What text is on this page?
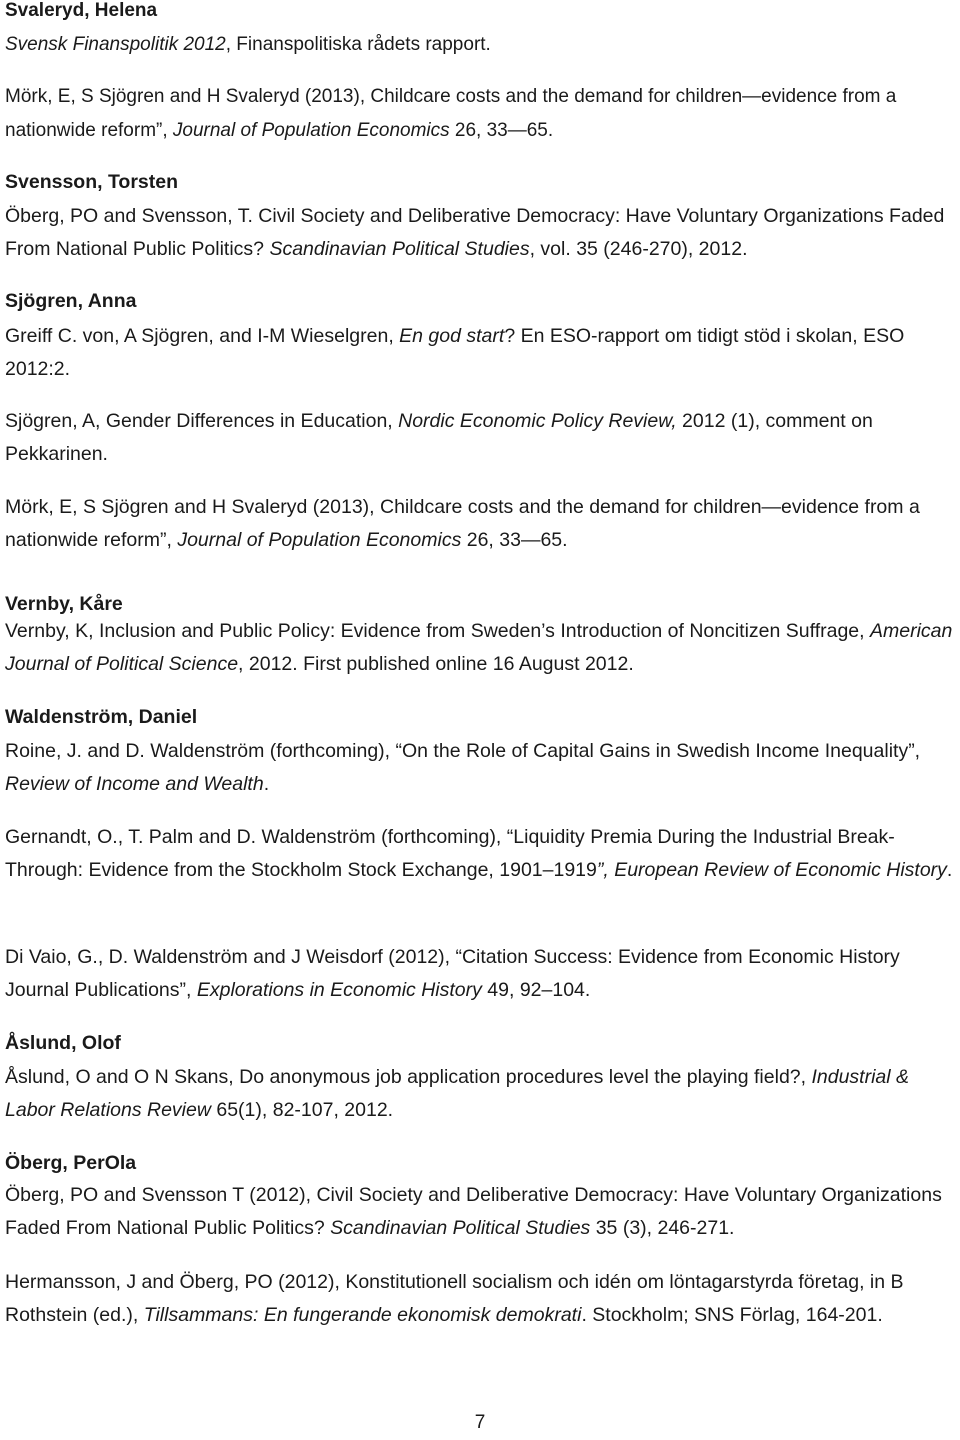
Svaleryd, Helena
Svensk Finanspolitik 2012, Finanspolitiska rådets rapport.
Mörk, E, S Sjögren and H Svaleryd (2013), Childcare costs and the demand for children—evidence from a nationwide reform”, Journal of Population Economics 26, 33—65.
Svensson, Torsten
Öberg, PO and Svensson, T. Civil Society and Deliberative Democracy: Have Voluntary Organizations Faded From National Public Politics? Scandinavian Political Studies, vol. 35 (246-270), 2012.
Sjögren, Anna
Greiff C. von, A Sjögren, and I-M Wieselgren, En god start? En ESO-rapport om tidigt stöd i skolan, ESO 2012:2.
Sjögren, A, Gender Differences in Education, Nordic Economic Policy Review, 2012 (1), comment on Pekkarinen.
Mörk, E, S Sjögren and H Svaleryd (2013), Childcare costs and the demand for children—evidence from a nationwide reform”, Journal of Population Economics 26, 33—65.
Vernby, Kåre
Vernby, K, Inclusion and Public Policy: Evidence from Sweden’s Introduction of Noncitizen Suffrage, American Journal of Political Science, 2012. First published online 16 August 2012.
Waldenström, Daniel
Roine, J. and D. Waldenström (forthcoming), “On the Role of Capital Gains in Swedish Income Inequality”, Review of Income and Wealth.
Gernandt, O., T. Palm and D. Waldenström (forthcoming), “Liquidity Premia During the Industrial Break-Through: Evidence from the Stockholm Stock Exchange, 1901–1919”, European Review of Economic History.
Di Vaio, G., D. Waldenström and J Weisdorf (2012), “Citation Success: Evidence from Economic History Journal Publications”, Explorations in Economic History 49, 92–104.
Åslund, Olof
Åslund, O and O N Skans, Do anonymous job application procedures level the playing field?, Industrial & Labor Relations Review 65(1), 82-107, 2012.
Öberg, PerOla
Öberg, PO and Svensson T (2012), Civil Society and Deliberative Democracy: Have Voluntary Organizations Faded From National Public Politics? Scandinavian Political Studies 35 (3), 246-271.
Hermansson, J and Öberg, PO (2012), Konstitutionell socialism och idén om löntagarstyrda företag, in B Rothstein (ed.), Tillsammans: En fungerande ekonomisk demokrati. Stockholm; SNS Förlag, 164-201.
7
